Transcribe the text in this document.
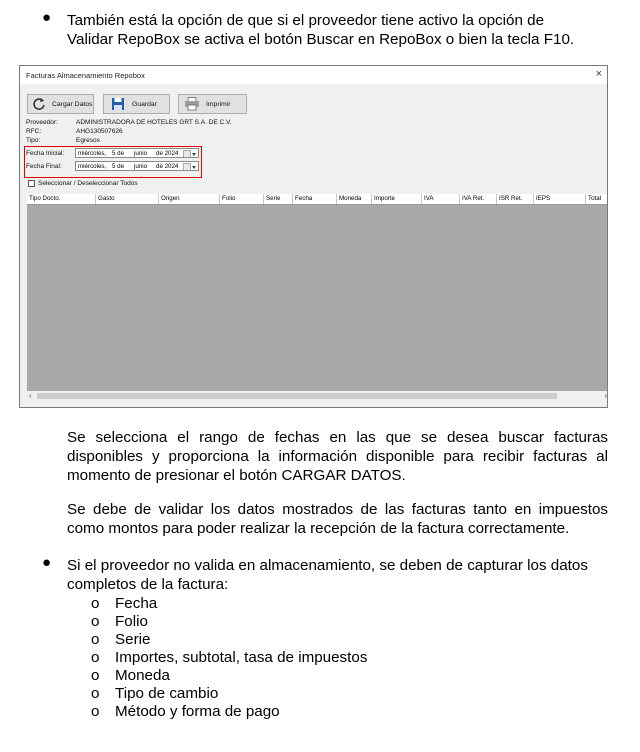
● También está la opción de que si el proveedor tiene activo la opción de
Validar RepoBox se activa el botón Buscar en RepoBox o bien la tecla F10.
Facturas Almacenamiento Repobox	×
Cargar Datos	Guardar	Imprimir
Proveedor:	ADMINISTRADORA DE HOTELES GRT S.A. DE C.V.
RFC:	AHG130507626
Tipo:	Egresos
Fecha Inicial: miércoles, 5 de junio de 2024
Fecha Final:	miércoles, 5 de junio de 2024
Seleccionar / Deseleccionar Todos
Tipo Docto.	Gasto	Origen	Folio	Serie	Fecha	Moneda	Importe	IVA	IVA Ret.	ISR Ret.	IEPS	Total
‹	›
Se selecciona el rango de fechas en las que se desea buscar facturas disponibles y proporciona la información disponible para recibir facturas al momento de presionar el botón CARGAR DATOS.
Se debe de validar los datos mostrados de las facturas tanto en impuestos como montos para poder realizar la recepción de la factura correctamente.
● Si el proveedor no valida en almacenamiento, se deben de capturar los datos
completos de la factura:
o Fecha
o Folio
o Serie
o Importes, subtotal, tasa de impuestos
o Moneda
o Tipo de cambio
o Método y forma de pago
